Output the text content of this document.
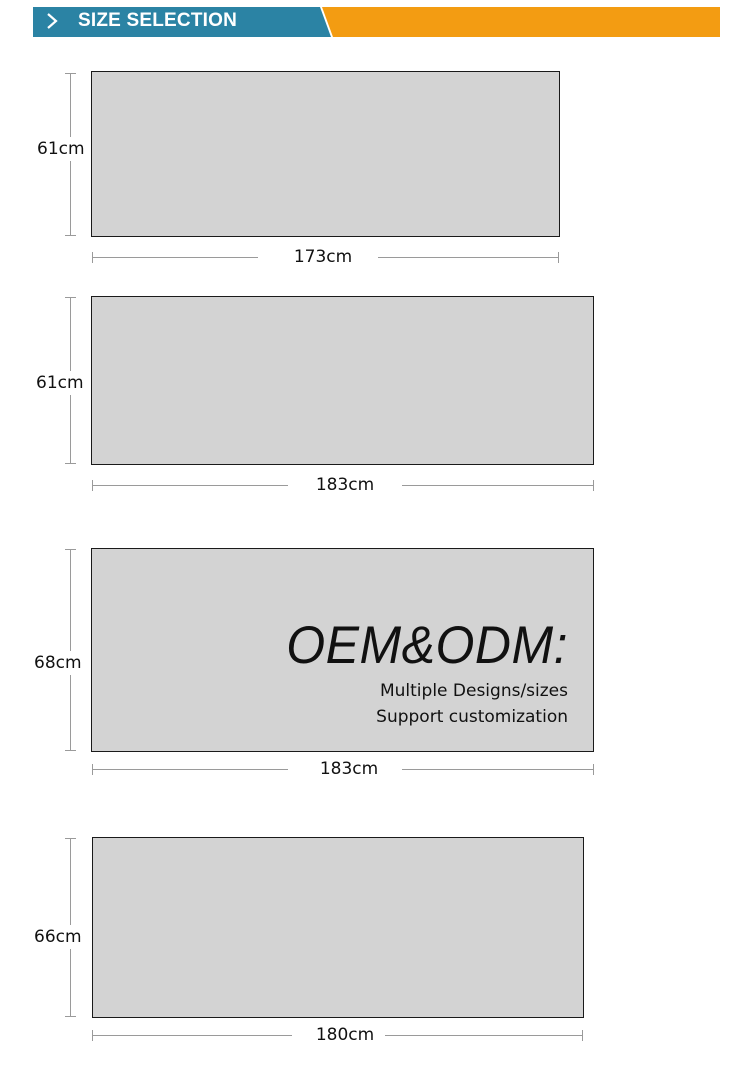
SIZE SELECTION
61cm
173cm
61cm
183cm
68cm
183cm
OEM&ODM:
Multiple Designs/sizes
Support customization
66cm
180cm
